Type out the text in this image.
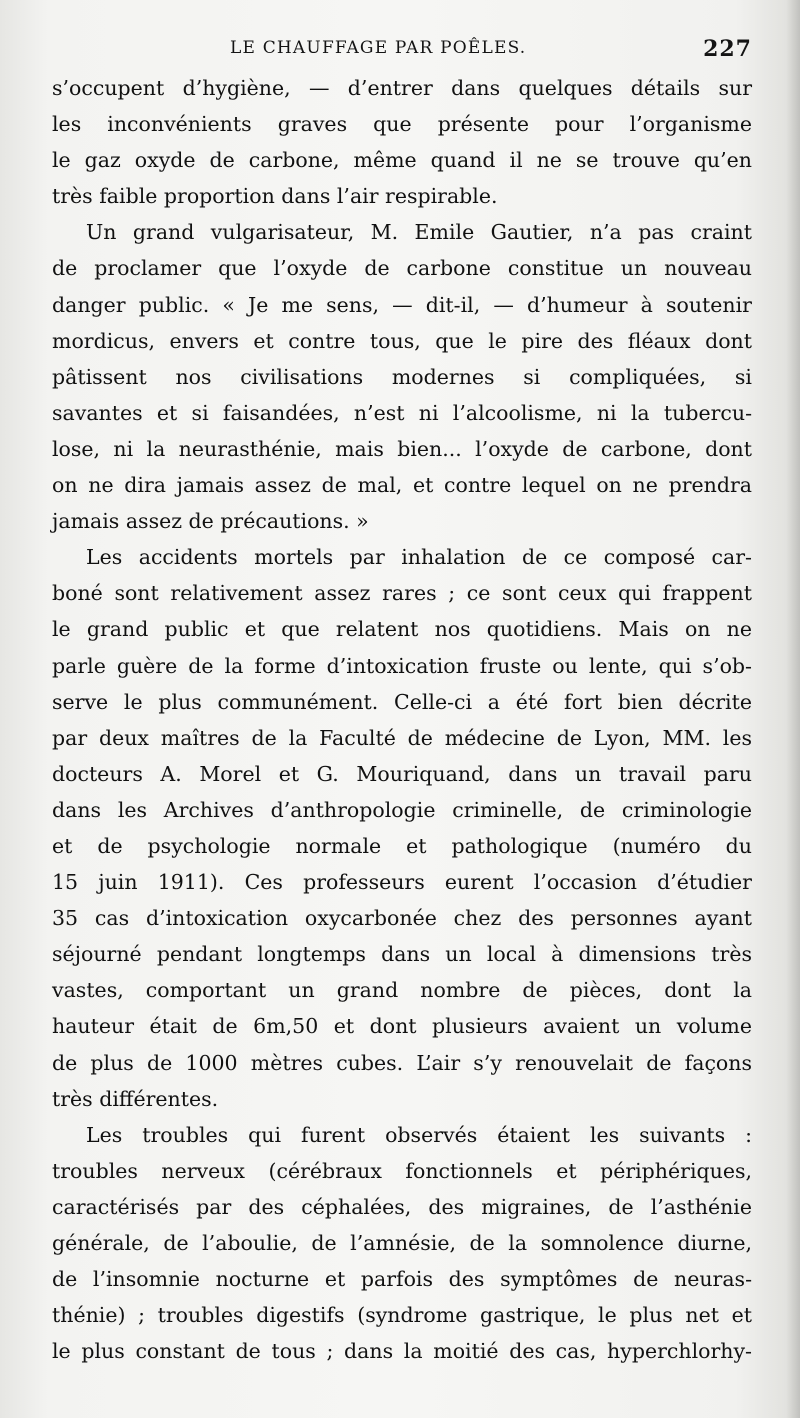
LE CHAUFFAGE PAR POÊLES.	227
s’occupent d’hygiène, — d’entrer dans quelques détails sur
les inconvénients graves que présente pour l’organisme
le gaz oxyde de carbone, même quand il ne se trouve qu’en
très faible proportion dans l’air respirable.
Un grand vulgarisateur, M. Emile Gautier, n’a pas craint
de proclamer que l’oxyde de carbone constitue un nouveau
danger public. « Je me sens, — dit-il, — d’humeur à soutenir
mordicus, envers et contre tous, que le pire des fléaux dont
pâtissent nos civilisations modernes si compliquées, si
savantes et si faisandées, n’est ni l’alcoolisme, ni la tubercu-
lose, ni la neurasthénie, mais bien... l’oxyde de carbone, dont
on ne dira jamais assez de mal, et contre lequel on ne prendra
jamais assez de précautions. »
Les accidents mortels par inhalation de ce composé car-
boné sont relativement assez rares ; ce sont ceux qui frappent
le grand public et que relatent nos quotidiens. Mais on ne
parle guère de la forme d’intoxication fruste ou lente, qui s’ob-
serve le plus communément. Celle-ci a été fort bien décrite
par deux maîtres de la Faculté de médecine de Lyon, MM. les
docteurs A. Morel et G. Mouriquand, dans un travail paru
dans les Archives d’anthropologie criminelle, de criminologie
et de psychologie normale et pathologique (numéro du
15 juin 1911). Ces professeurs eurent l’occasion d’étudier
35 cas d’intoxication oxycarbonée chez des personnes ayant
séjourné pendant longtemps dans un local à dimensions très
vastes, comportant un grand nombre de pièces, dont la
hauteur était de 6m,50 et dont plusieurs avaient un volume
de plus de 1000 mètres cubes. L’air s’y renouvelait de façons
très différentes.
Les troubles qui furent observés étaient les suivants :
troubles nerveux (cérébraux fonctionnels et périphériques,
caractérisés par des céphalées, des migraines, de l’asthénie
générale, de l’aboulie, de l’amnésie, de la somnolence diurne,
de l’insomnie nocturne et parfois des symptômes de neuras-
thénie) ; troubles digestifs (syndrome gastrique, le plus net et
le plus constant de tous ; dans la moitié des cas, hyperchlorhy-
